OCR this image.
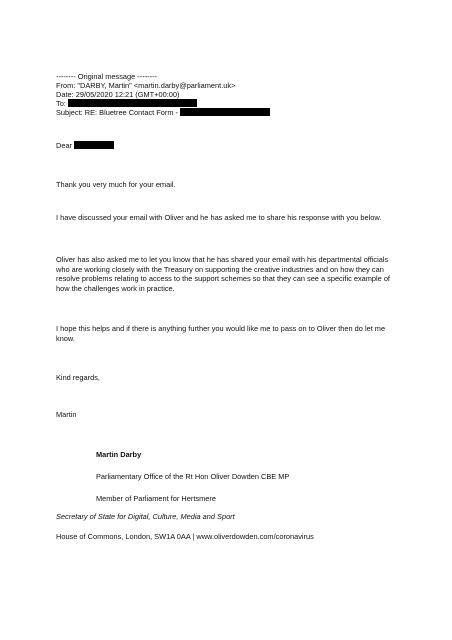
-------- Original message --------
From: "DARBY, Martin" <martin.darby@parliament.uk>
Date: 29/05/2020 12:21 (GMT+00:00)
To:
Subject: RE: Bluetree Contact Form -
Dear
Thank you very much for your email.
I have discussed your email with Oliver and he has asked me to share his response with you below.
Oliver has also asked me to let you know that he has shared your email with his departmental officials who are working closely with the Treasury on supporting the creative industries and on how they can resolve problems relating to access to the support schemes so that they can see a specific example of how the challenges work in practice.
I hope this helps and if there is anything further you would like me to pass on to Oliver then do let me know.
Kind regards,
Martin
Martin Darby
Parliamentary Office of the Rt Hon Oliver Dowden CBE MP
Member of Parliament for Hertsmere
Secretary of State for Digital, Culture, Media and Sport
House of Commons, London, SW1A 0AA | www.oliverdowden.com/coronavirus
